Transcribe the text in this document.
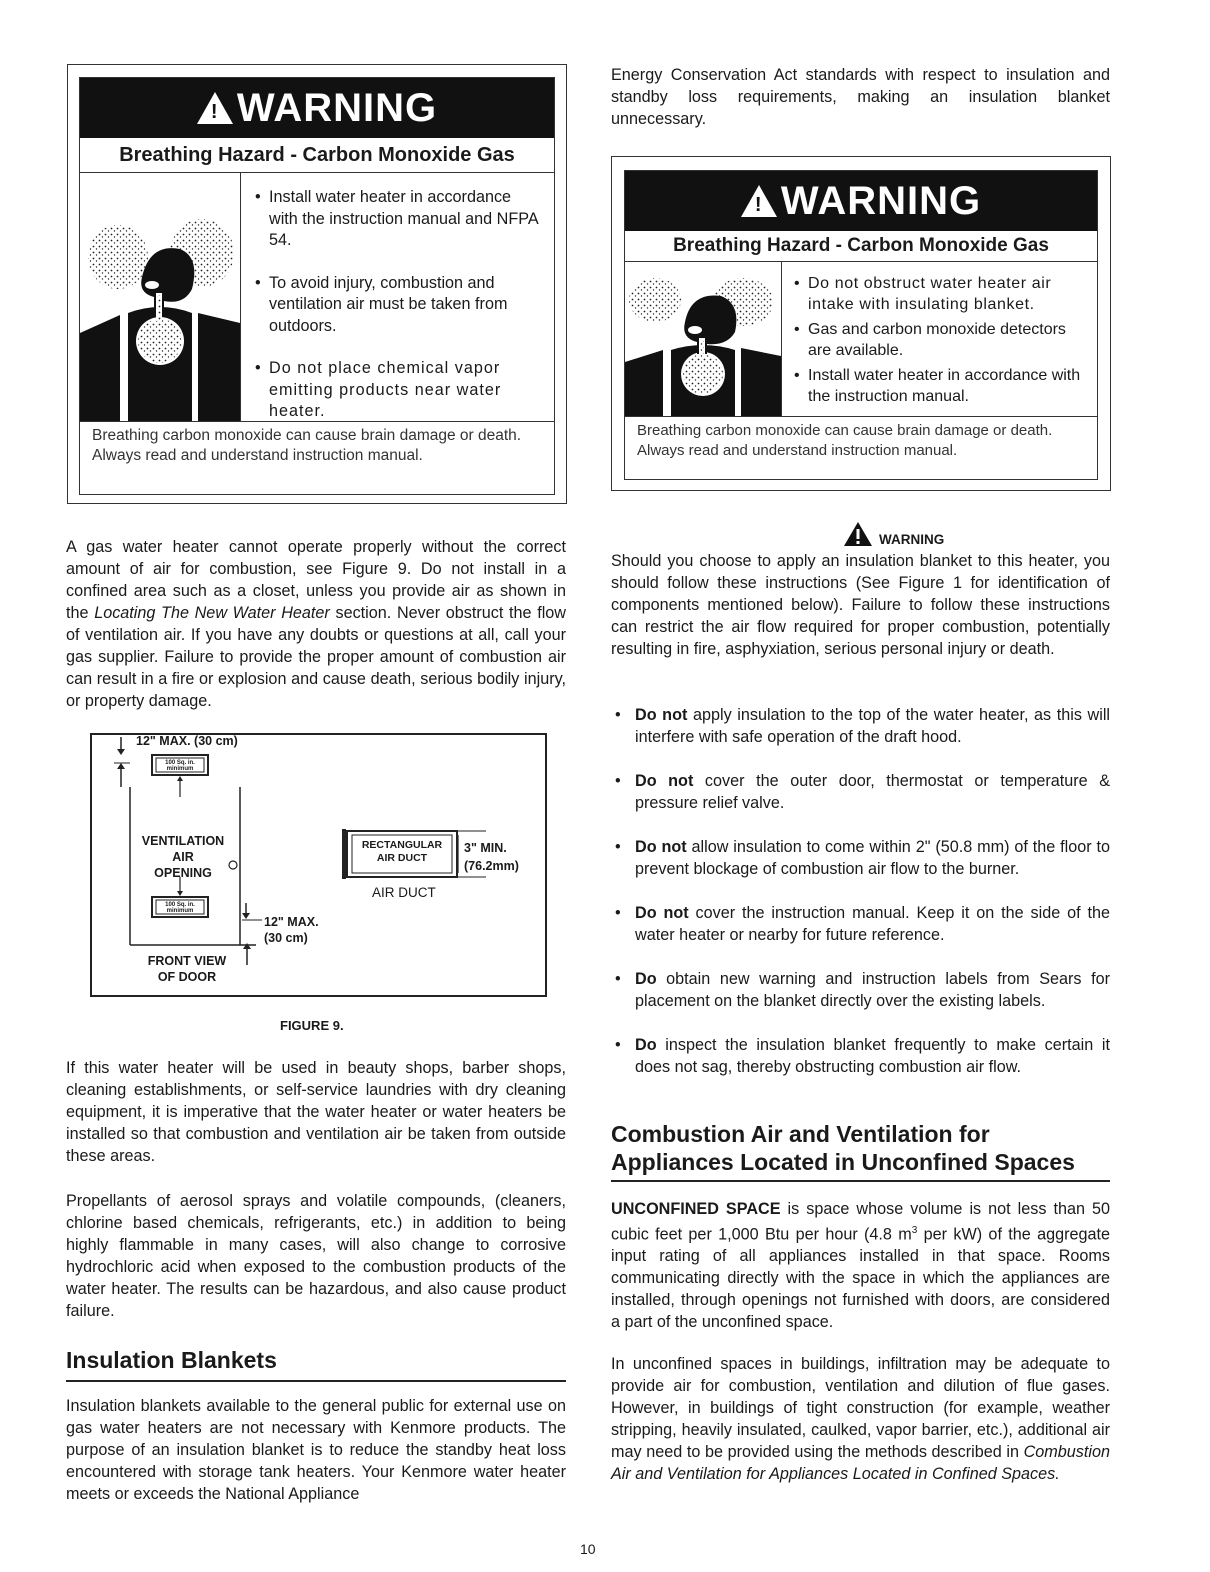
! WARNING
Breathing Hazard - Carbon Monoxide Gas
• Install water heater in accordance with the instruction manual and NFPA 54.
• To avoid injury, combustion and ventilation air must be taken from outdoors.
• Do not place chemical vapor emitting products near water heater.
Breathing carbon monoxide can cause brain damage or death. Always read and understand instruction manual.

A gas water heater cannot operate properly without the correct amount of air for combustion, see Figure 9. Do not install in a confined area such as a closet, unless you provide air as shown in the Locating The New Water Heater section. Never obstruct the flow of ventilation air. If you have any doubts or questions at all, call your gas supplier. Failure to provide the proper amount of combustion air can result in a fire or explosion and cause death, serious bodily injury, or property damage.

12" MAX. (30 cm)
100 Sq. in.
minimum
100 Sq. in.
minimum
VENTILATION
AIR
OPENING
12" MAX.
(30 cm)
FRONT VIEW
OF DOOR
RECTANGULAR
AIR DUCT
3" MIN.
(76.2mm)
AIR DUCT
FIGURE 9.

If this water heater will be used in beauty shops, barber shops, cleaning establishments, or self-service laundries with dry cleaning equipment, it is imperative that the water heater or water heaters be installed so that combustion and ventilation air be taken from outside these areas.

Propellants of aerosol sprays and volatile compounds, (cleaners, chlorine based chemicals, refrigerants, etc.) in addition to being highly flammable in many cases, will also change to corrosive hydrochloric acid when exposed to the combustion products of the water heater. The results can be hazardous, and also cause product failure.

Insulation Blankets

Insulation blankets available to the general public for external use on gas water heaters are not necessary with Kenmore products. The purpose of an insulation blanket is to reduce the standby heat loss encountered with storage tank heaters. Your Kenmore water heater meets or exceeds the National Appliance

Energy Conservation Act standards with respect to insulation and standby loss requirements, making an insulation blanket unnecessary.

! WARNING
Breathing Hazard - Carbon Monoxide Gas
• Do not obstruct water heater air intake with insulating blanket.
• Gas and carbon monoxide detectors are available.
• Install water heater in accordance with the instruction manual.
Breathing carbon monoxide can cause brain damage or death. Always read and understand instruction manual.
WARNING

Should you choose to apply an insulation blanket to this heater, you should follow these instructions (See Figure 1 for identification of components mentioned below). Failure to follow these instructions can restrict the air flow required for proper combustion, potentially resulting in fire, asphyxiation, serious personal injury or death.

• Do not apply insulation to the top of the water heater, as this will interfere with safe operation of the draft hood.
• Do not cover the outer door, thermostat or temperature & pressure relief valve.
• Do not allow insulation to come within 2" (50.8 mm) of the floor to prevent blockage of combustion air flow to the burner.
• Do not cover the instruction manual. Keep it on the side of the water heater or nearby for future reference.
• Do obtain new warning and instruction labels from Sears for placement on the blanket directly over the existing labels.
• Do inspect the insulation blanket frequently to make certain it does not sag, thereby obstructing combustion air flow.
Combustion Air and Ventilation for
Appliances Located in Unconfined Spaces

UNCONFINED SPACE is space whose volume is not less than 50 cubic feet per 1,000 Btu per hour (4.8 $m^3$ per kW) of the aggregate input rating of all appliances installed in that space. Rooms communicating directly with the space in which the appliances are installed, through openings not furnished with doors, are considered a part of the unconfined space.

In unconfined spaces in buildings, infiltration may be adequate to provide air for combustion, ventilation and dilution of flue gases. However, in buildings of tight construction (for example, weather stripping, heavily insulated, caulked, vapor barrier, etc.), additional air may need to be provided using the methods described in Combustion Air and Ventilation for Appliances Located in Confined Spaces.

10
